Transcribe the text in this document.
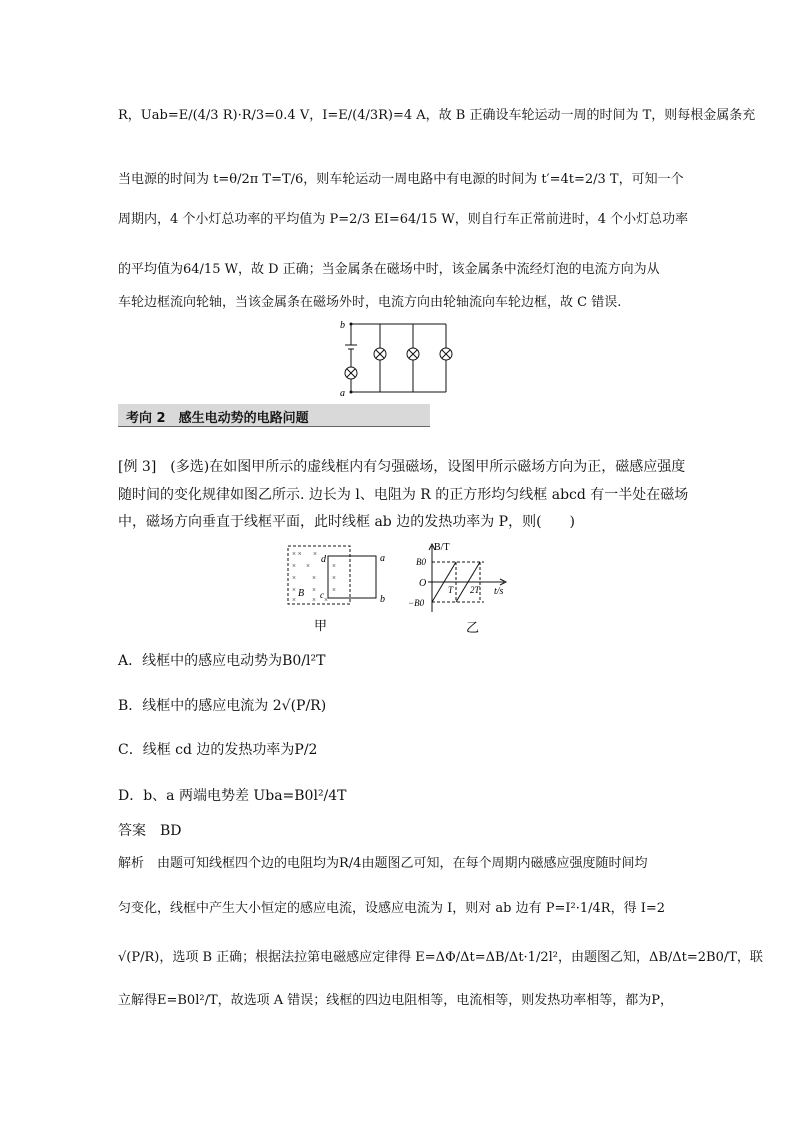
R，Uab=E/(4/3 R)·R/3=0.4 V，I=E/(4/3R)=4 A，故 B 正确设车轮运动一周的时间为 T，则每根金属条充
当电源的时间为 t=θ/2π T=T/6，则车轮运动一周电路中有电源的时间为 t′=4t=2/3 T，可知一个
周期内，4 个小灯总功率的平均值为 P=2/3 EI=64/15 W，则自行车正常前进时，4 个小灯总功率
的平均值为64/15 W，故 D 正确；当金属条在磁场中时，该金属条中流经灯泡的电流方向为从
车轮边框流向轮轴，当该金属条在磁场外时，电流方向由轮轴流向车轮边框，故 C 错误.
b
a
考向 2　感生电动势的电路问题
[例 3]　(多选)在如图甲所示的虚线框内有匀强磁场，设图甲所示磁场方向为正，磁感应强度
随时间的变化规律如图乙所示. 边长为 l、电阻为 R 的正方形均匀线框 abcd 有一半处在磁场
中，磁场方向垂直于线框平面，此时线框 ab 边的发热功率为 P，则(　　)
× × ×
× ×	×
× × ×
× × ×
× × ×
d	a
B c	b
甲
B/T
t/s
O
B0
−B0
T 2T
乙
A．线框中的感应电动势为B0/l²T
B．线框中的感应电流为 2√(P/R)
C．线框 cd 边的发热功率为P/2
D．b、a 两端电势差 Uba=B0l²/4T
答案　BD
解析　由题可知线框四个边的电阻均为R/4由题图乙可知，在每个周期内磁感应强度随时间均
匀变化，线框中产生大小恒定的感应电流，设感应电流为 I，则对 ab 边有 P=I²·1/4R，得 I=2
√(P/R)，选项 B 正确；根据法拉第电磁感应定律得 E=ΔΦ/Δt=ΔB/Δt·1/2l²，由题图乙知，ΔB/Δt=2B0/T，联
立解得E=B0l²/T，故选项 A 错误；线框的四边电阻相等，电流相等，则发热功率相等，都为P，
